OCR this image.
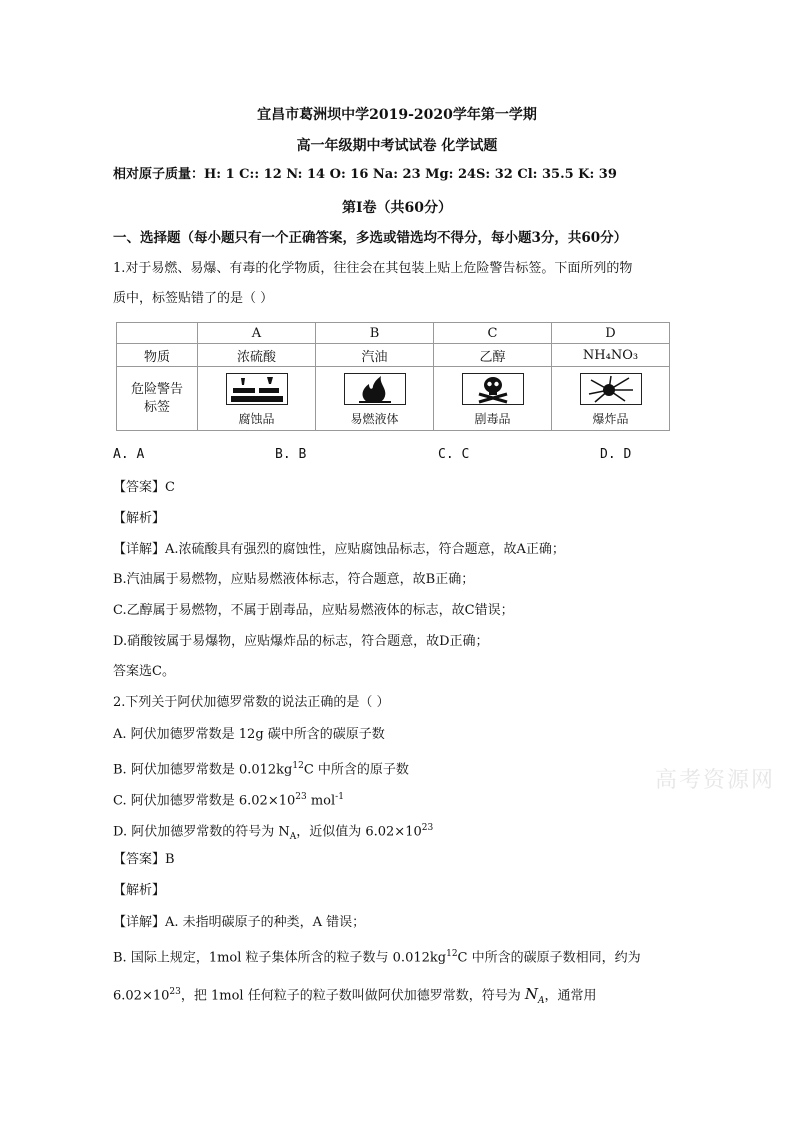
宜昌市葛洲坝中学2019-2020学年第一学期
高一年级期中考试试卷 化学试题
相对原子质量：H: 1 C:: 12 N: 14 O: 16 Na: 23 Mg: 24S: 32 Cl: 35.5 K: 39
第Ⅰ卷（共60分）
一、选择题（每小题只有一个正确答案，多选或错选均不得分，每小题3分，共60分）
1.对于易燃、易爆、有毒的化学物质，往往会在其包装上贴上危险警告标签。下面所列的物
质中，标签贴错了的是（ ）
	A	B	C	D
物质	浓硫酸	汽油	乙醇	NH₄NO₃
危险警告标签	腐蚀品	易燃液体	剧毒品	爆炸品
A. A	B. B	C. C	D. D
【答案】C
【解析】
【详解】A.浓硫酸具有强烈的腐蚀性，应贴腐蚀品标志，符合题意，故A正确；
B.汽油属于易燃物，应贴易燃液体标志，符合题意，故B正确；
C.乙醇属于易燃物，不属于剧毒品，应贴易燃液体的标志，故C错误；
D.硝酸铵属于易爆物，应贴爆炸品的标志，符合题意，故D正确；
答案选C。
2.下列关于阿伏加德罗常数的说法正确的是（ ）
A. 阿伏加德罗常数是 12g 碳中所含的碳原子数
B. 阿伏加德罗常数是 $0.012kg^{12}C$ 中所含的原子数
C. 阿伏加德罗常数是 $6.02\times 10^{23}$ mol$^{-1}$
D. 阿伏加德罗常数的符号为 $N_A$，近似值为 $6.02\times 10^{23}$
【答案】B
【解析】
【详解】A. 未指明碳原子的种类，A 错误；
B. 国际上规定，1mol 粒子集体所含的粒子数与 $0.012kg^{12}C$ 中所含的碳原子数相同，约为
$6.02\times 10^{23}$，把 1mol 任何粒子的粒子数叫做阿伏加德罗常数，符号为 $N_A$，通常用
高考资源网
